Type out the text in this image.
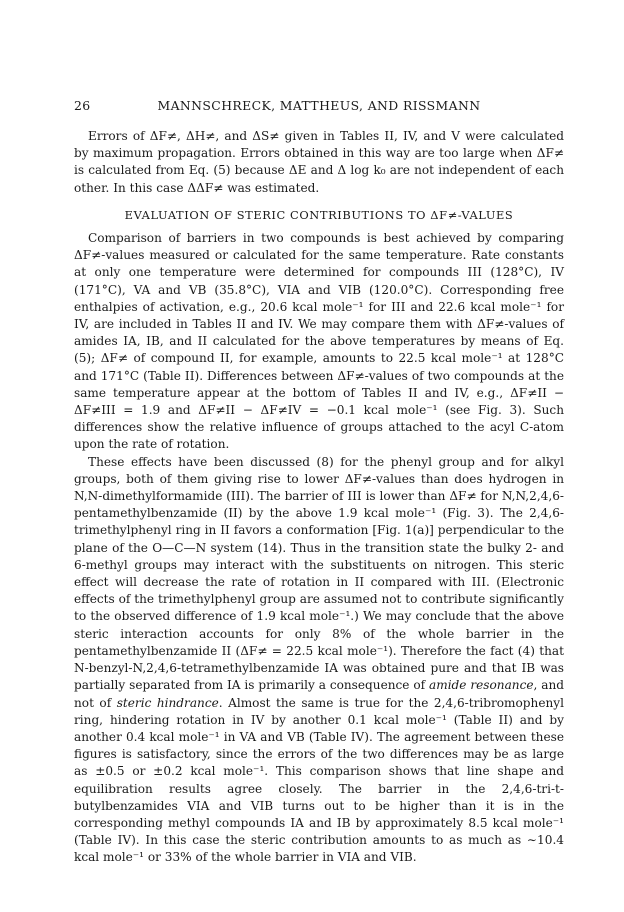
26	MANNSCHRECK, MATTHEUS, AND RISSMANN

Errors of ΔF≠, ΔH≠, and ΔS≠ given in Tables II, IV, and V were calculated by maximum propagation. Errors obtained in this way are too large when ΔF≠ is calculated from Eq. (5) because ΔE and Δ log k₀ are not independent of each other. In this case ΔΔF≠ was estimated.

EVALUATION OF STERIC CONTRIBUTIONS TO ΔF≠-VALUES

Comparison of barriers in two compounds is best achieved by comparing ΔF≠-values measured or calculated for the same temperature. Rate constants at only one temperature were determined for compounds III (128°C), IV (171°C), VA and VB (35.8°C), VIA and VIB (120.0°C). Corresponding free enthalpies of activation, e.g., 20.6 kcal mole⁻¹ for III and 22.6 kcal mole⁻¹ for IV, are included in Tables II and IV. We may compare them with ΔF≠-values of amides IA, IB, and II calculated for the above temperatures by means of Eq. (5); ΔF≠ of compound II, for example, amounts to 22.5 kcal mole⁻¹ at 128°C and 171°C (Table II). Differences between ΔF≠-values of two compounds at the same temperature appear at the bottom of Tables II and IV, e.g., ΔF≠II − ΔF≠III = 1.9 and ΔF≠II − ΔF≠IV = −0.1 kcal mole⁻¹ (see Fig. 3). Such differences show the relative influence of groups attached to the acyl C-atom upon the rate of rotation.

These effects have been discussed (8) for the phenyl group and for alkyl groups, both of them giving rise to lower ΔF≠-values than does hydrogen in N,N-dimethylformamide (III). The barrier of III is lower than ΔF≠ for N,N,2,4,6-pentamethylbenzamide (II) by the above 1.9 kcal mole⁻¹ (Fig. 3). The 2,4,6-trimethylphenyl ring in II favors a conformation [Fig. 1(a)] perpendicular to the plane of the O—C—N system (14). Thus in the transition state the bulky 2- and 6-methyl groups may interact with the substituents on nitrogen. This steric effect will decrease the rate of rotation in II compared with III. (Electronic effects of the trimethylphenyl group are assumed not to contribute significantly to the observed difference of 1.9 kcal mole⁻¹.) We may conclude that the above steric interaction accounts for only 8% of the whole barrier in the pentamethylbenzamide II (ΔF≠ = 22.5 kcal mole⁻¹). Therefore the fact (4) that N-benzyl-N,2,4,6-tetramethylbenzamide IA was obtained pure and that IB was partially separated from IA is primarily a consequence of amide resonance, and not of steric hindrance. Almost the same is true for the 2,4,6-tribromophenyl ring, hindering rotation in IV by another 0.1 kcal mole⁻¹ (Table II) and by another 0.4 kcal mole⁻¹ in VA and VB (Table IV). The agreement between these figures is satisfactory, since the errors of the two differences may be as large as ±0.5 or ±0.2 kcal mole⁻¹. This comparison shows that line shape and equilibration results agree closely. The barrier in the 2,4,6-tri-t-butylbenzamides VIA and VIB turns out to be higher than it is in the corresponding methyl compounds IA and IB by approximately 8.5 kcal mole⁻¹ (Table IV). In this case the steric contribution amounts to as much as ∼10.4 kcal mole⁻¹ or 33% of the whole barrier in VIA and VIB.
